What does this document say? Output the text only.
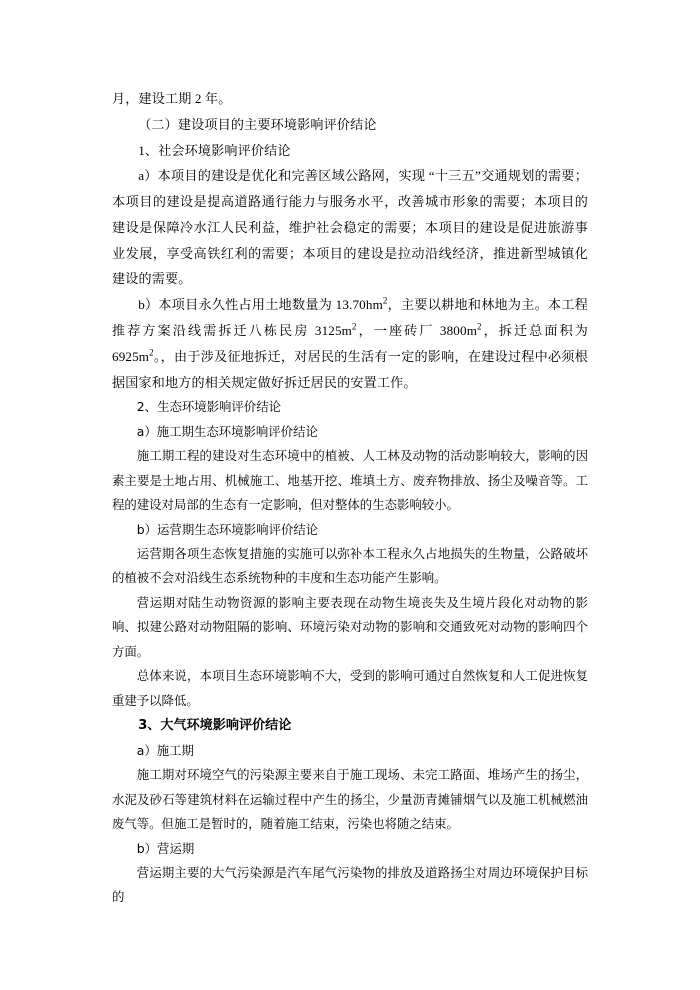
月，建设工期 2 年。

（二）建设项目的主要环境影响评价结论

1、社会环境影响评价结论

a）本项目的建设是优化和完善区域公路网，实现 “十三五”交通规划的需要；本项目的建设是提高道路通行能力与服务水平，改善城市形象的需要；本项目的建设是保障冷水江人民利益，维护社会稳定的需要；本项目的建设是促进旅游事业发展，享受高铁红利的需要；本项目的建设是拉动沿线经济，推进新型城镇化建设的需要。

b）本项目永久性占用土地数量为 $13.70hm^2$，主要以耕地和林地为主。本工程推荐方案沿线需拆迁八栋民房 $3125m^2$，一座砖厂 $3800m^2$，拆迁总面积为 $6925m^2$。，由于涉及征地拆迁，对居民的生活有一定的影响，在建设过程中必须根据国家和地方的相关规定做好拆迁居民的安置工作。

2、生态环境影响评价结论

a）施工期生态环境影响评价结论

施工期工程的建设对生态环境中的植被、人工林及动物的活动影响较大，影响的因素主要是土地占用、机械施工、地基开挖、堆填土方、废弃物排放、扬尘及噪音等。工程的建设对局部的生态有一定影响，但对整体的生态影响较小。

b）运营期生态环境影响评价结论

运营期各项生态恢复措施的实施可以弥补本工程永久占地损失的生物量，公路破坏的植被不会对沿线生态系统物种的丰度和生态功能产生影响。

营运期对陆生动物资源的影响主要表现在动物生境丧失及生境片段化对动物的影响、拟建公路对动物阻隔的影响、环境污染对动物的影响和交通致死对动物的影响四个方面。

总体来说，本项目生态环境影响不大，受到的影响可通过自然恢复和人工促进恢复重建予以降低。

3、大气环境影响评价结论

a）施工期

施工期对环境空气的污染源主要来自于施工现场、未完工路面、堆场产生的扬尘，水泥及砂石等建筑材料在运输过程中产生的扬尘，少量沥青摊铺烟气以及施工机械燃油废气等。但施工是暂时的，随着施工结束，污染也将随之结束。

b）营运期

营运期主要的大气污染源是汽车尾气污染物的排放及道路扬尘对周边环境保护目标的
